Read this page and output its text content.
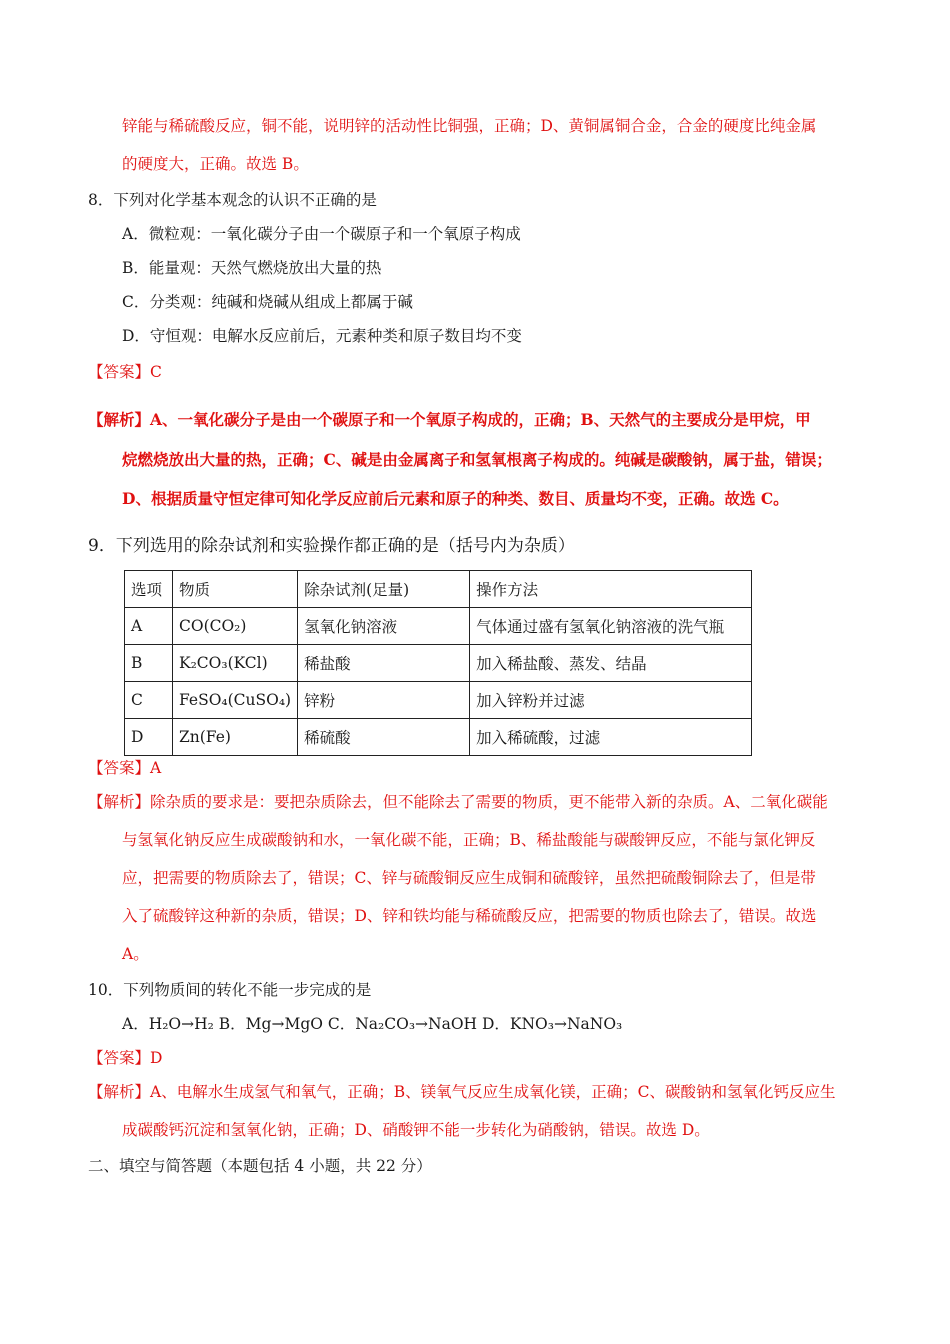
锌能与稀硫酸反应，铜不能，说明锌的活动性比铜强，正确；D、黄铜属铜合金，合金的硬度比纯金属
的硬度大，正确。故选 B。
8．下列对化学基本观念的认识不正确的是
A．微粒观：一氧化碳分子由一个碳原子和一个氧原子构成
B．能量观：天然气燃烧放出大量的热
C．分类观：纯碱和烧碱从组成上都属于碱
D．守恒观：电解水反应前后，元素种类和原子数目均不变
【答案】C
【解析】A、一氧化碳分子是由一个碳原子和一个氧原子构成的，正确；B、天然气的主要成分是甲烷，甲
烷燃烧放出大量的热，正确；C、碱是由金属离子和氢氧根离子构成的。纯碱是碳酸钠，属于盐，错误；
D、根据质量守恒定律可知化学反应前后元素和原子的种类、数目、质量均不变，正确。故选 C。
9．下列选用的除杂试剂和实验操作都正确的是（括号内为杂质）
选项	物质	除杂试剂(足量)	操作方法
A	CO(CO₂)	氢氧化钠溶液	气体通过盛有氢氧化钠溶液的洗气瓶
B	K₂CO₃(KCl)	稀盐酸	加入稀盐酸、蒸发、结晶
C	FeSO₄(CuSO₄)	锌粉	加入锌粉并过滤
D	Zn(Fe)	稀硫酸	加入稀硫酸，过滤
【答案】A
【解析】除杂质的要求是：要把杂质除去，但不能除去了需要的物质，更不能带入新的杂质。A、二氧化碳能
与氢氧化钠反应生成碳酸钠和水，一氧化碳不能，正确；B、稀盐酸能与碳酸钾反应，不能与氯化钾反
应，把需要的物质除去了，错误；C、锌与硫酸铜反应生成铜和硫酸锌，虽然把硫酸铜除去了，但是带
入了硫酸锌这种新的杂质，错误；D、锌和铁均能与稀硫酸反应，把需要的物质也除去了，错误。故选
A。
10．下列物质间的转化不能一步完成的是
A．H₂O→H₂ B．Mg→MgO C．Na₂CO₃→NaOH D．KNO₃→NaNO₃
【答案】D
【解析】A、电解水生成氢气和氧气，正确；B、镁氧气反应生成氧化镁，正确；C、碳酸钠和氢氧化钙反应生
成碳酸钙沉淀和氢氧化钠，正确；D、硝酸钾不能一步转化为硝酸钠，错误。故选 D。
二、填空与简答题（本题包括 4 小题，共 22 分）
